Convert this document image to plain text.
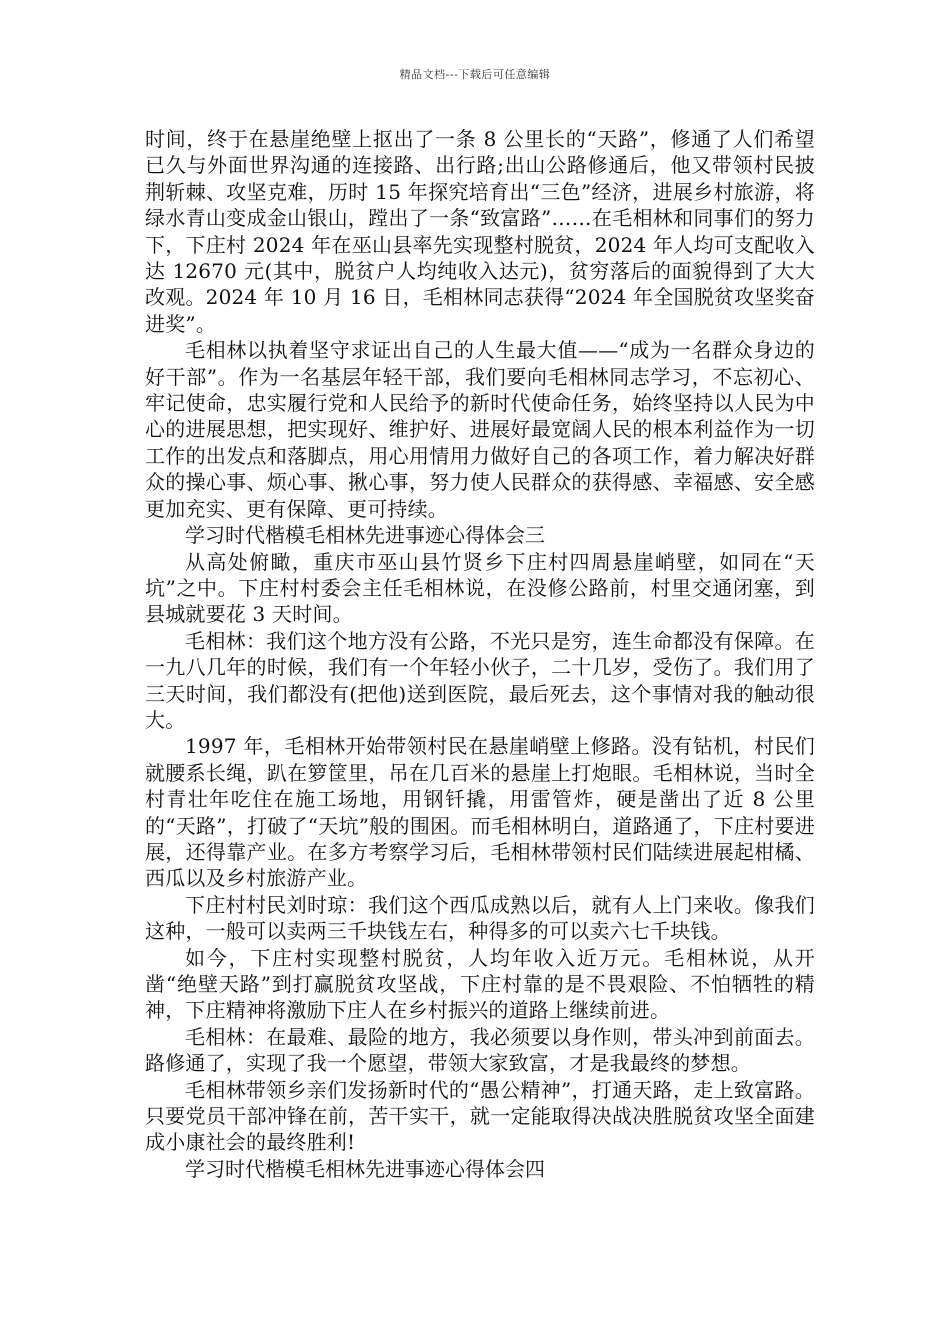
精品文档---下载后可任意编辑

时间，终于在悬崖绝壁上抠出了一条 8 公里长的“天路”，修通了人们希望已久与外面世界沟通的连接路、出行路;出山公路修通后，他又带领村民披荆斩棘、攻坚克难，历时 15 年探究培育出“三色”经济，进展乡村旅游，将绿水青山变成金山银山，蹚出了一条“致富路”……在毛相林和同事们的努力下，下庄村 2024 年在巫山县率先实现整村脱贫，2024 年人均可支配收入达 12670 元(其中，脱贫户人均纯收入达元)，贫穷落后的面貌得到了大大改观。2024 年 10 月 16 日，毛相林同志获得“2024 年全国脱贫攻坚奖奋进奖”。

毛相林以执着坚守求证出自己的人生最大值——“成为一名群众身边的好干部”。作为一名基层年轻干部，我们要向毛相林同志学习，不忘初心、牢记使命，忠实履行党和人民给予的新时代使命任务，始终坚持以人民为中心的进展思想，把实现好、维护好、进展好最宽阔人民的根本利益作为一切工作的出发点和落脚点，用心用情用力做好自己的各项工作，着力解决好群众的操心事、烦心事、揪心事，努力使人民群众的获得感、幸福感、安全感更加充实、更有保障、更可持续。

学习时代楷模毛相林先进事迹心得体会三

从高处俯瞰，重庆市巫山县竹贤乡下庄村四周悬崖峭壁，如同在“天坑”之中。下庄村村委会主任毛相林说，在没修公路前，村里交通闭塞，到县城就要花 3 天时间。

毛相林：我们这个地方没有公路，不光只是穷，连生命都没有保障。在一九八几年的时候，我们有一个年轻小伙子，二十几岁，受伤了。我们用了三天时间，我们都没有(把他)送到医院，最后死去，这个事情对我的触动很大。

1997 年，毛相林开始带领村民在悬崖峭壁上修路。没有钻机，村民们就腰系长绳，趴在箩筐里，吊在几百米的悬崖上打炮眼。毛相林说，当时全村青壮年吃住在施工场地，用钢钎撬，用雷管炸，硬是凿出了近 8 公里的“天路”，打破了“天坑”般的围困。而毛相林明白，道路通了，下庄村要进展，还得靠产业。在多方考察学习后，毛相林带领村民们陆续进展起柑橘、西瓜以及乡村旅游产业。

下庄村村民刘时琼：我们这个西瓜成熟以后，就有人上门来收。像我们这种，一般可以卖两三千块钱左右，种得多的可以卖六七千块钱。

如今，下庄村实现整村脱贫，人均年收入近万元。毛相林说，从开凿“绝壁天路”到打赢脱贫攻坚战，下庄村靠的是不畏艰险、不怕牺牲的精神，下庄精神将激励下庄人在乡村振兴的道路上继续前进。

毛相林：在最难、最险的地方，我必须要以身作则，带头冲到前面去。路修通了，实现了我一个愿望，带领大家致富，才是我最终的梦想。

毛相林带领乡亲们发扬新时代的“愚公精神”，打通天路，走上致富路。只要党员干部冲锋在前，苦干实干，就一定能取得决战决胜脱贫攻坚全面建成小康社会的最终胜利!

学习时代楷模毛相林先进事迹心得体会四
